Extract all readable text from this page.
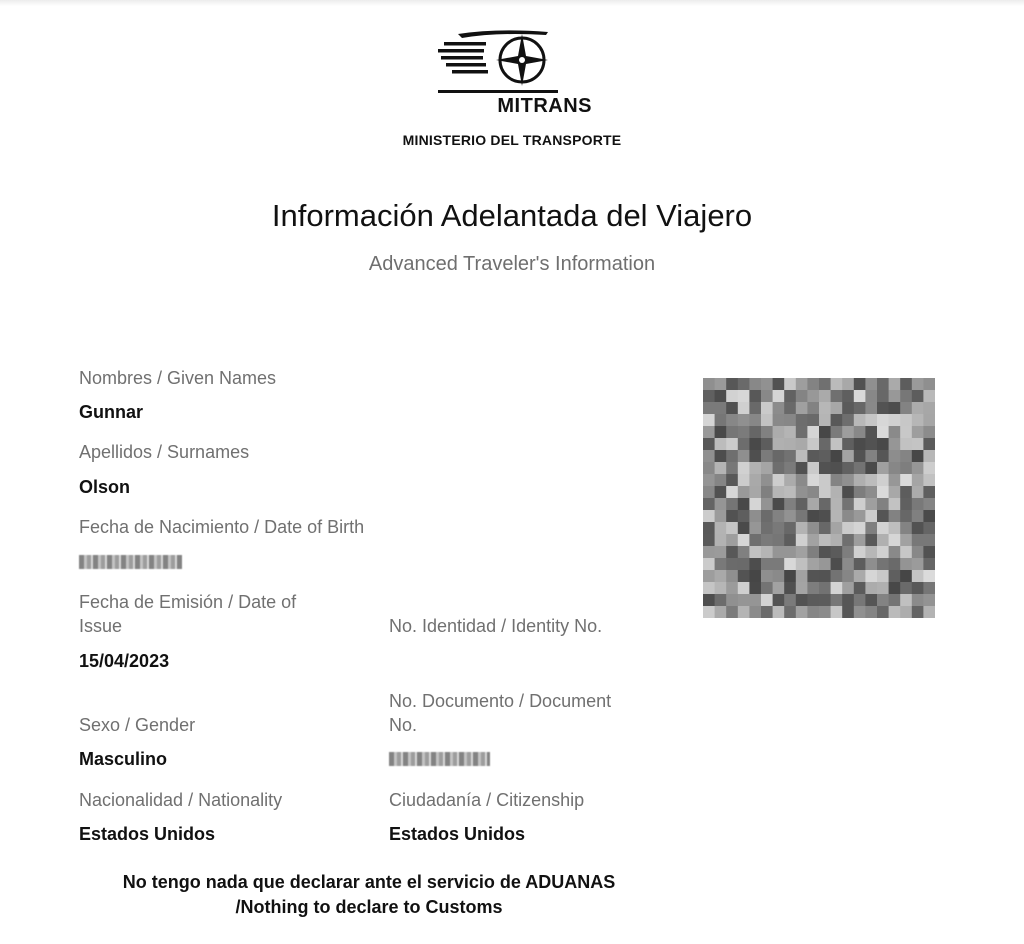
MITRANS
MINISTERIO DEL TRANSPORTE
Información Adelantada del Viajero
Advanced Traveler's Information
Nombres / Given Names
Gunnar
Apellidos / Surnames
Olson
Fecha de Nacimiento / Date of Birth
Fecha de Emisión / Date of
Issue
15/04/2023
Sexo / Gender
Masculino
Nacionalidad / Nationality
Estados Unidos
No. Identidad / Identity No.
No. Documento / Document
No.
Ciudadanía / Citizenship
Estados Unidos
No tengo nada que declarar ante el servicio de ADUANAS
/Nothing to declare to Customs
